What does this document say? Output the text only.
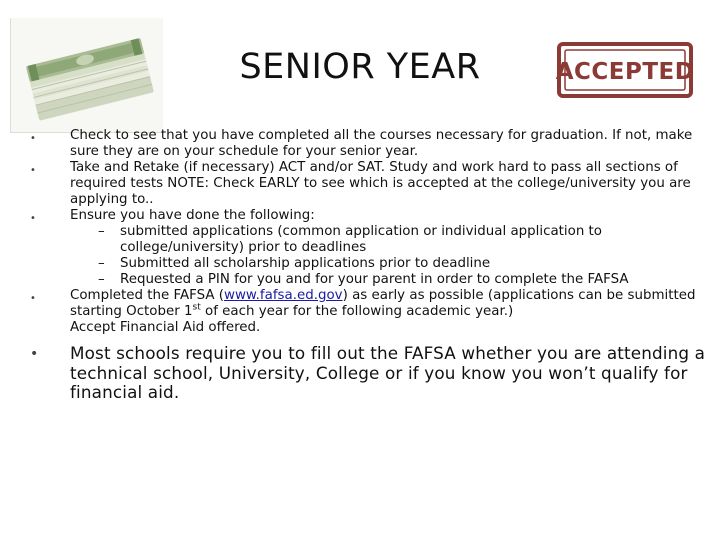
SENIOR YEAR	ACCEPTED
•	Check to see that you have completed all the courses necessary for graduation. If not, make sure they are on your schedule for your senior year.
•	Take and Retake (if necessary) ACT and/or SAT. Study and work hard to pass all sections of required tests NOTE: Check EARLY to see which is accepted at the college/university you are applying to..
•	Ensure you have done the following:
– submitted applications (common application or individual application to college/university) prior to deadlines
– Submitted all scholarship applications prior to deadline
– Requested a PIN for you and for your parent in order to complete the FAFSA
•	Completed the FAFSA (www.fafsa.ed.gov) as early as possible (applications can be submitted starting October 1st of each year for the following academic year.)
Accept Financial Aid offered.
•	Most schools require you to fill out the FAFSA whether you are attending a technical school, University, College or if you know you won’t qualify for financial aid.
